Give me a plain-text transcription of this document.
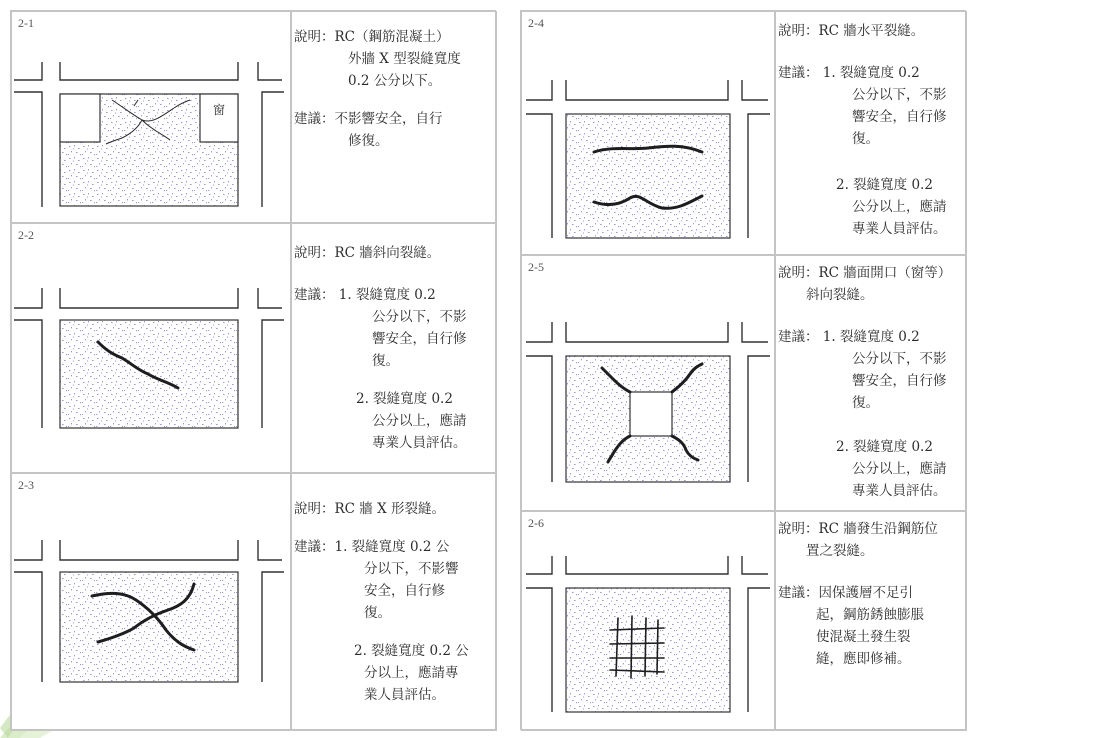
2-1
窗
說明：RC（鋼筋混凝土）
外牆 X 型裂縫寬度
0.2 公分以下。
建議：不影響安全，自行
修復。
2-2
說明：RC 牆斜向裂縫。
建議： 1. 裂縫寬度 0.2
公分以下，不影
響安全，自行修
復。
2. 裂縫寬度 0.2
公分以上，應請
專業人員評估。
2-3
說明：RC 牆 X 形裂縫。
建議：1. 裂縫寬度 0.2 公
分以下，不影響
安全，自行修
復。
2. 裂縫寬度 0.2 公
分以上，應請專
業人員評估。
2-4	說明：RC 牆水平裂縫。
建議： 1. 裂縫寬度 0.2
公分以下，不影
響安全，自行修
復。
2. 裂縫寬度 0.2
公分以上，應請
專業人員評估。
2-5	說明：RC 牆面開口（窗等）
斜向裂縫。
建議： 1. 裂縫寬度 0.2
公分以下，不影
響安全，自行修
復。
2. 裂縫寬度 0.2
公分以上，應請
專業人員評估。
2-6	說明：RC 牆發生沿鋼筋位
置之裂縫。
建議：因保護層不足引
起，鋼筋銹蝕膨脹
使混凝土發生裂
縫，應即修補。
